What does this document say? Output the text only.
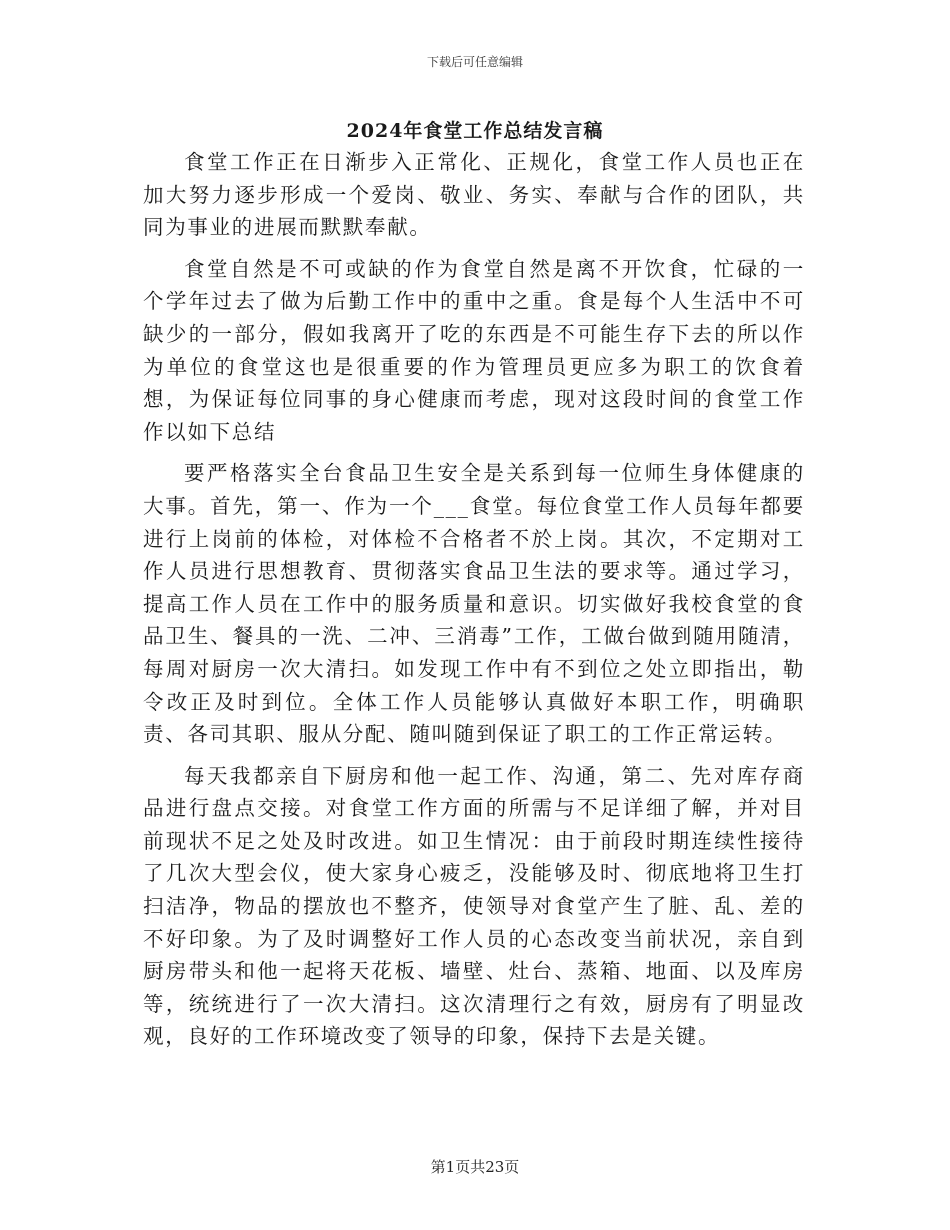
下载后可任意编辑
2024年食堂工作总结发言稿

食堂工作正在日渐步入正常化、正规化，食堂工作人员也正在加大努力逐步形成一个爱岗、敬业、务实、奉献与合作的团队，共同为事业的进展而默默奉献。

食堂自然是不可或缺的作为食堂自然是离不开饮食，忙碌的一个学年过去了做为后勤工作中的重中之重。食是每个人生活中不可缺少的一部分，假如我离开了吃的东西是不可能生存下去的所以作为单位的食堂这也是很重要的作为管理员更应多为职工的饮食着想，为保证每位同事的身心健康而考虑，现对这段时间的食堂工作作以如下总结

要严格落实全台食品卫生安全是关系到每一位师生身体健康的大事。首先，第一、作为一个___食堂。每位食堂工作人员每年都要进行上岗前的体检，对体检不合格者不於上岗。其次，不定期对工作人员进行思想教育、贯彻落实食品卫生法的要求等。通过学习，提高工作人员在工作中的服务质量和意识。切实做好我校食堂的食品卫生、餐具的一洗、二冲、三消毒”工作，工做台做到随用随清，每周对厨房一次大清扫。如发现工作中有不到位之处立即指出，勒令改正及时到位。全体工作人员能够认真做好本职工作，明确职责、各司其职、服从分配、随叫随到保证了职工的工作正常运转。

每天我都亲自下厨房和他一起工作、沟通，第二、先对库存商品进行盘点交接。对食堂工作方面的所需与不足详细了解，并对目前现状不足之处及时改进。如卫生情况：由于前段时期连续性接待了几次大型会仪，使大家身心疲乏，没能够及时、彻底地将卫生打扫洁净，物品的摆放也不整齐，使领导对食堂产生了脏、乱、差的不好印象。为了及时调整好工作人员的心态改变当前状况，亲自到厨房带头和他一起将天花板、墙壁、灶台、蒸箱、地面、以及库房等，统统进行了一次大清扫。这次清理行之有效，厨房有了明显改观，良好的工作环境改变了领导的印象，保持下去是关键。

第1页共23页
